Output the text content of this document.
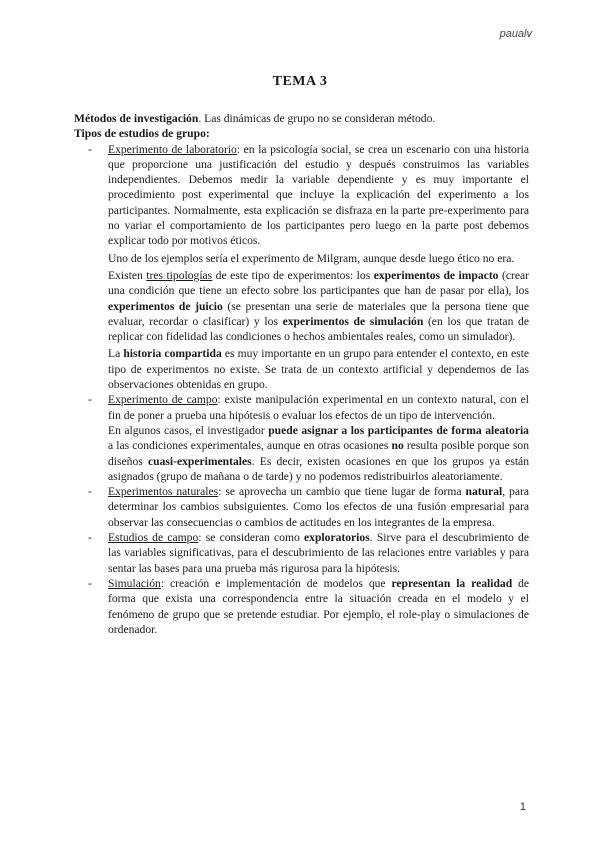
paualv
TEMA 3

Métodos de investigación. Las dinámicas de grupo no se consideran método.

Tipos de estudios de grupo:

- Experimento de laboratorio: en la psicología social, se crea un escenario con una historia que proporcione una justificación del estudio y después construimos las variables independientes. Debemos medir la variable dependiente y es muy importante el procedimiento post experimental que incluye la explicación del experimento a los participantes. Normalmente, esta explicación se disfraza en la parte pre-experimento para no variar el comportamiento de los participantes pero luego en la parte post debemos explicar todo por motivos éticos.

Uno de los ejemplos sería el experimento de Milgram, aunque desde luego ético no era.

Existen tres tipologías de este tipo de experimentos: los experimentos de impacto (crear una condición que tiene un efecto sobre los participantes que han de pasar por ella), los experimentos de juicio (se presentan una serie de materiales que la persona tiene que evaluar, recordar o clasificar) y los experimentos de simulación (en los que tratan de replicar con fidelidad las condiciones o hechos ambientales reales, como un simulador).

La historia compartida es muy importante en un grupo para entender el contexto, en este tipo de experimentos no existe. Se trata de un contexto artificial y dependemos de las observaciones obtenidas en grupo.

- Experimento de campo: existe manipulación experimental en un contexto natural, con el fin de poner a prueba una hipótesis o evaluar los efectos de un tipo de intervención.

En algunos casos, el investigador puede asignar a los participantes de forma aleatoria a las condiciones experimentales, aunque en otras ocasiones no resulta posible porque son diseños cuasi-experimentales. Es decir, existen ocasiones en que los grupos ya están asignados (grupo de mañana o de tarde) y no podemos redistribuirlos aleatoriamente.

- Experimentos naturales: se aprovecha un cambio que tiene lugar de forma natural, para determinar los cambios subsiguientes. Como los efectos de una fusión empresarial para observar las consecuencias o cambios de actitudes en los integrantes de la empresa.

- Estudios de campo: se consideran como exploratorios. Sirve para el descubrimiento de las variables significativas, para el descubrimiento de las relaciones entre variables y para sentar las bases para una prueba más rigurosa para la hipótesis.

- Simulación: creación e implementación de modelos que representan la realidad de forma que exista una correspondencia entre la situación creada en el modelo y el fenómeno de grupo que se pretende estudiar. Por ejemplo, el role-play o simulaciones de ordenador.

1
